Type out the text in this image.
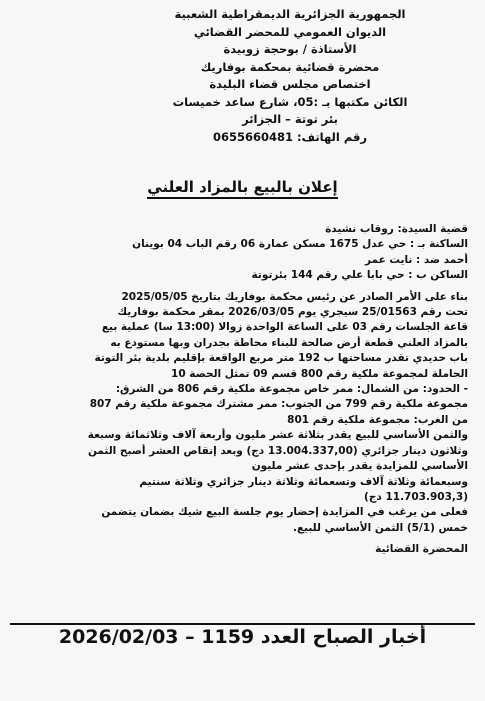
الجمهورية الجزائرية الديمقراطية الشعبية
الديوان العمومي للمحضر القضائي
الأستاذة / بوحجة زوبيدة
محضرة قضائية بمحكمة بوفاريك
اختصاص مجلس قضاء البليدة
الكائن مكتبها بـ :05، شارع ساعد خميسات
بئر توتة – الجزائر
رقم الهاتف: 0655660481
إعلان بالبيع بالمزاد العلني
قضية السيدة: روقاب نشيدة
الساكنة بـ : حي عدل 1675 مسكن عمارة 06 رقم الباب 04 بوينان
أحمد ضد : نايت عمر
الساكن ب : حي بابا علي رقم 144 بئرتوتة
بناء على الأمر الصادر عن رئيس محكمة بوفاريك بتاريخ 2025/05/05
تحت رقم 25/01563 سيجري يوم 2026/03/05 بمقر محكمة بوفاريك
قاعة الجلسات رقم 03 على الساعة الواحدة زوالا (13:00 سا) عملية بيع
بالمزاد العلني قطعة أرض صالحة للبناء محاطة بجدران وبها مستودع به
باب حديدي تقدر مساحتها ب 192 متر مربع الواقعة بإقليم بلدية بئر التوتة
الحاملة لمجموعة ملكية رقم 800 قسم 09 تمثل الحصة 10
- الحدود: من الشمال: ممر خاص مجموعة ملكية رقم 806 من الشرق:
مجموعة ملكية رقم 799 من الجنوب: ممر مشترك مجموعة ملكية رقم 807
من الغرب: مجموعة ملكية رقم 801
والثمن الأساسي للبيع يقدر بثلاثة عشر مليون وأربعة آلاف وثلاثمائة وسبعة
وثلاثون دينار جزائري (13.004.337,00 دج) وبعد إنقاص العشر أصبح الثمن
الأساسي للمزايدة يقدر بإحدى عشر مليون
وسبعمائة وثلاثة آلاف وتسعمائة وثلاثة دينار جزائري وثلاثة سنتيم
(11.703.903,3 دج)
فعلى من يرغب في المزايدة إحضار يوم جلسة البيع شيك بضمان يتضمن
خمس (5/1) الثمن الأساسي للبيع.
المحضرة القضائية
أخبار الصباح العدد 1159 – 2026/02/03
